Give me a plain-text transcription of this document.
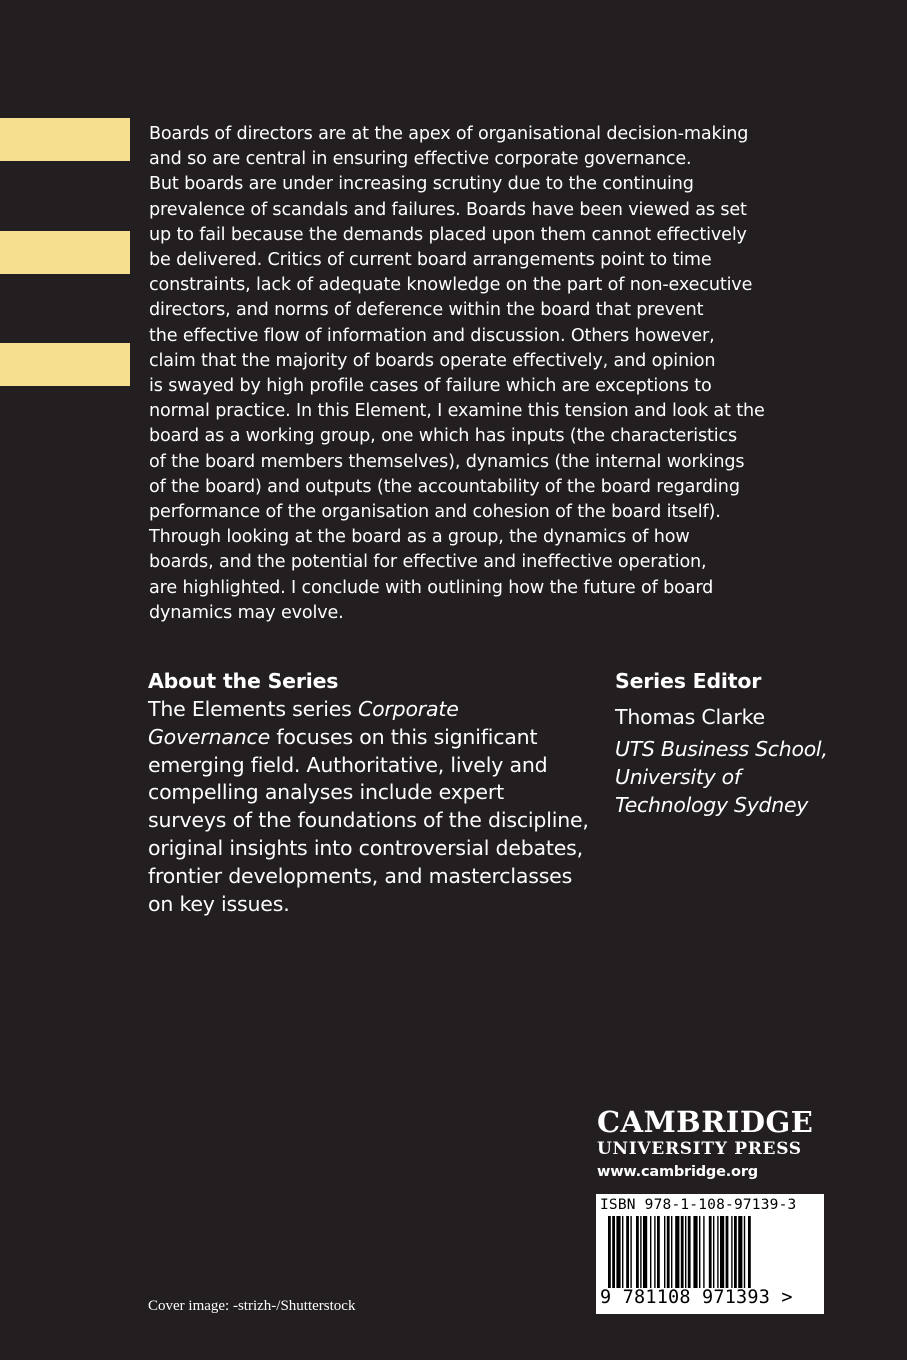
Boards of directors are at the apex of organisational decision-making
and so are central in ensuring effective corporate governance.
But boards are under increasing scrutiny due to the continuing
prevalence of scandals and failures. Boards have been viewed as set
up to fail because the demands placed upon them cannot effectively
be delivered. Critics of current board arrangements point to time
constraints, lack of adequate knowledge on the part of non-executive
directors, and norms of deference within the board that prevent
the effective flow of information and discussion. Others however,
claim that the majority of boards operate effectively, and opinion
is swayed by high profile cases of failure which are exceptions to
normal practice. In this Element, I examine this tension and look at the
board as a working group, one which has inputs (the characteristics
of the board members themselves), dynamics (the internal workings
of the board) and outputs (the accountability of the board regarding
performance of the organisation and cohesion of the board itself).
Through looking at the board as a group, the dynamics of how
boards, and the potential for effective and ineffective operation,
are highlighted. I conclude with outlining how the future of board
dynamics may evolve.
About the Series
The Elements series Corporate
Governance focuses on this significant
emerging field. Authoritative, lively and
compelling analyses include expert
surveys of the foundations of the discipline,
original insights into controversial debates,
frontier developments, and masterclasses
on key issues.
Series Editor
Thomas Clarke
UTS Business School,
University of
Technology Sydney
CAMBRIDGE
UNIVERSITY PRESS
www.cambridge.org
ISBN 978-1-108-97139-3
9 781108 971393 >
Cover image: -strizh-/Shutterstock
